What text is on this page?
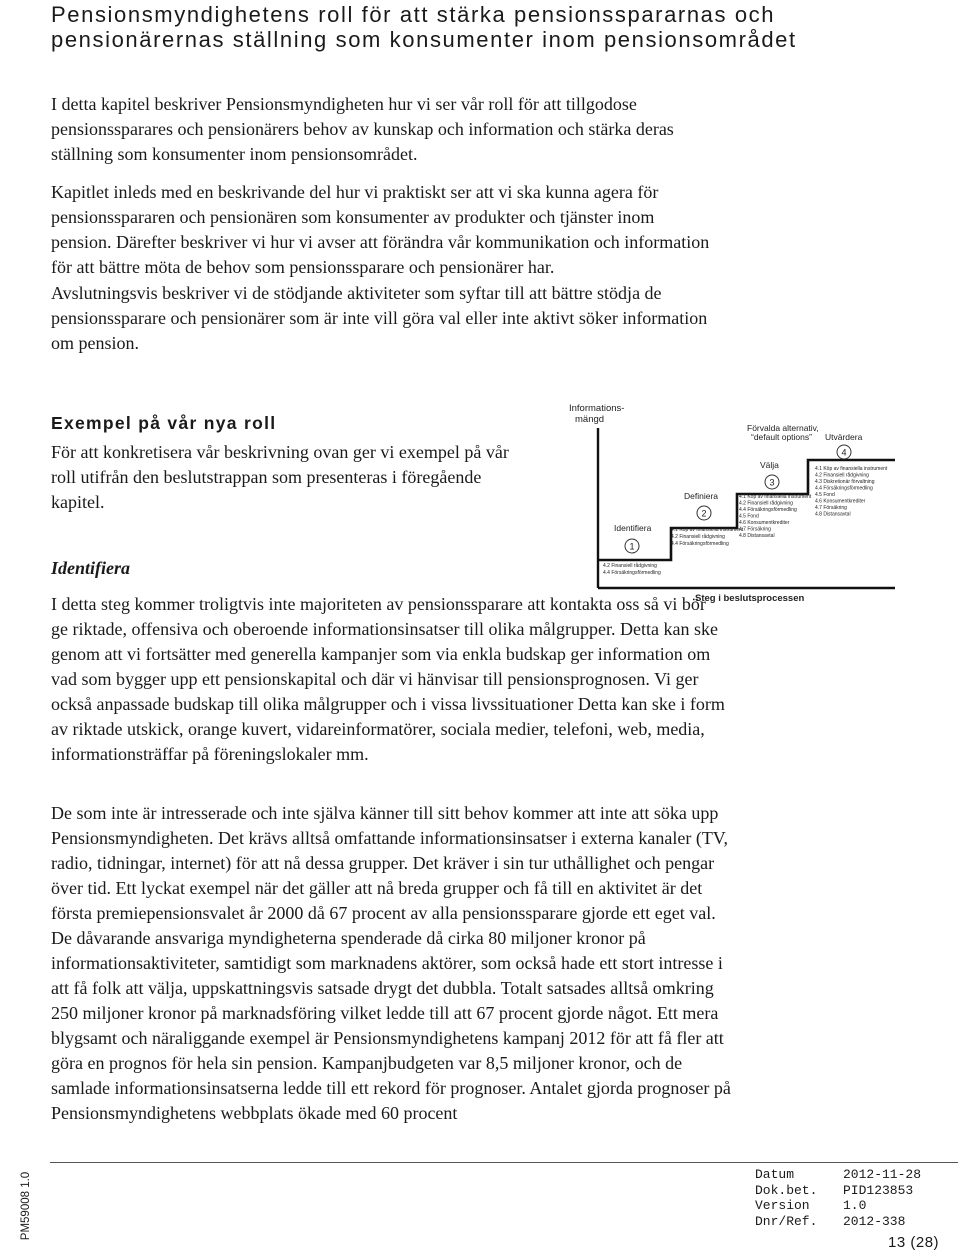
Pensionsmyndighetens roll för att stärka pensionsspararnas och pensionärernas ställning som konsumenter inom pensionsområdet

I detta kapitel beskriver Pensionsmyndigheten hur vi ser vår roll för att tillgodose pensionssparares och pensionärers behov av kunskap och information och stärka deras ställning som konsumenter inom pensionsområdet.

Kapitlet inleds med en beskrivande del hur vi praktiskt ser att vi ska kunna agera för pensionsspararen och pensionären som konsumenter av produkter och tjänster inom pension. Därefter beskriver vi hur vi avser att förändra vår kommunikation och information för att bättre möta de behov som pensionssparare och pensionärer har.

Avslutningsvis beskriver vi de stödjande aktiviteter som syftar till att bättre stödja de pensionssparare och pensionärer som är inte vill göra val eller inte aktivt söker information om pension.

Exempel på vår nya roll

För att konkretisera vår beskrivning ovan ger vi exempel på vår roll utifrån den beslutstrappan som presenteras i föregående kapitel.

Identifiera

I detta steg kommer troligtvis inte majoriteten av pensionssparare att kontakta oss så vi bör ge riktade, offensiva och oberoende informationsinsatser till olika målgrupper. Detta kan ske genom att vi fortsätter med generella kampanjer som via enkla budskap ger information om vad som bygger upp ett pensionskapital och där vi hänvisar till pensionsprognosen. Vi ger också anpassade budskap till olika målgrupper och i vissa livssituationer Detta kan ske i form av riktade utskick, orange kuvert, vidareinformatörer, sociala medier, telefoni, web, media, informationsträffar på föreningslokaler mm.

De som inte är intresserade och inte själva känner till sitt behov kommer att inte att söka upp Pensionsmyndigheten. Det krävs alltså omfattande informationsinsatser i externa kanaler (TV, radio, tidningar, internet) för att nå dessa grupper. Det kräver i sin tur uthållighet och pengar över tid. Ett lyckat exempel när det gäller att nå breda grupper och få till en aktivitet är det första premiepensionsvalet år 2000 då 67 procent av alla pensionssparare gjorde ett eget val. De dåvarande ansvariga myndigheterna spenderade då cirka 80 miljoner kronor på informationsaktiviteter, samtidigt som marknadens aktörer, som också hade ett stort intresse i att få folk att välja, uppskattningsvis satsade drygt det dubbla. Totalt satsades alltså omkring 250 miljoner kronor på marknadsföring vilket ledde till att 67 procent gjorde något. Ett mera blygsamt och näraliggande exempel är Pensionsmyndighetens kampanj 2012 för att få fler att göra en prognos för hela sin pension. Kampanjbudgeten var 8,5 miljoner kronor, och de samlade informationsinsatserna ledde till ett rekord för prognoser. Antalet gjorda prognoser på Pensionsmyndighetens webbplats ökade med 60 procent

Informations-
mängd
Steg i beslutsprocessen
Förvalda alternativ,
“default options”
Identifiera
1
4.2 Finansiell rådgivning
4.4 Försäkringsförmedling
Definiera
2
4.1 Köp av finansiella instrument
4.2 Finansiell rådgivning
4.4 Försäkringsförmedling
Välja
3
4.1 Köp av finansiella instrument
4.2 Finansiell rådgivning
4.4 Försäkringsförmedling
4.5 Fond
4.6 Konsumentkrediter
4.7 Försäkring
4.8 Distansavtal
Utvärdera
4
4.1 Köp av finansiella instrument
4.2 Finansiell rådgivning
4.3 Diskretionär förvaltning
4.4 Försäkringsförmedling
4.5 Fond
4.6 Konsumentkrediter
4.7 Försäkring
4.8 Distansavtal
PM59008 1.0	Datum	2012-11-28
Dok.bet.	PID123853
Version	1.0
Dnr/Ref.	2012-338
13 (28)
